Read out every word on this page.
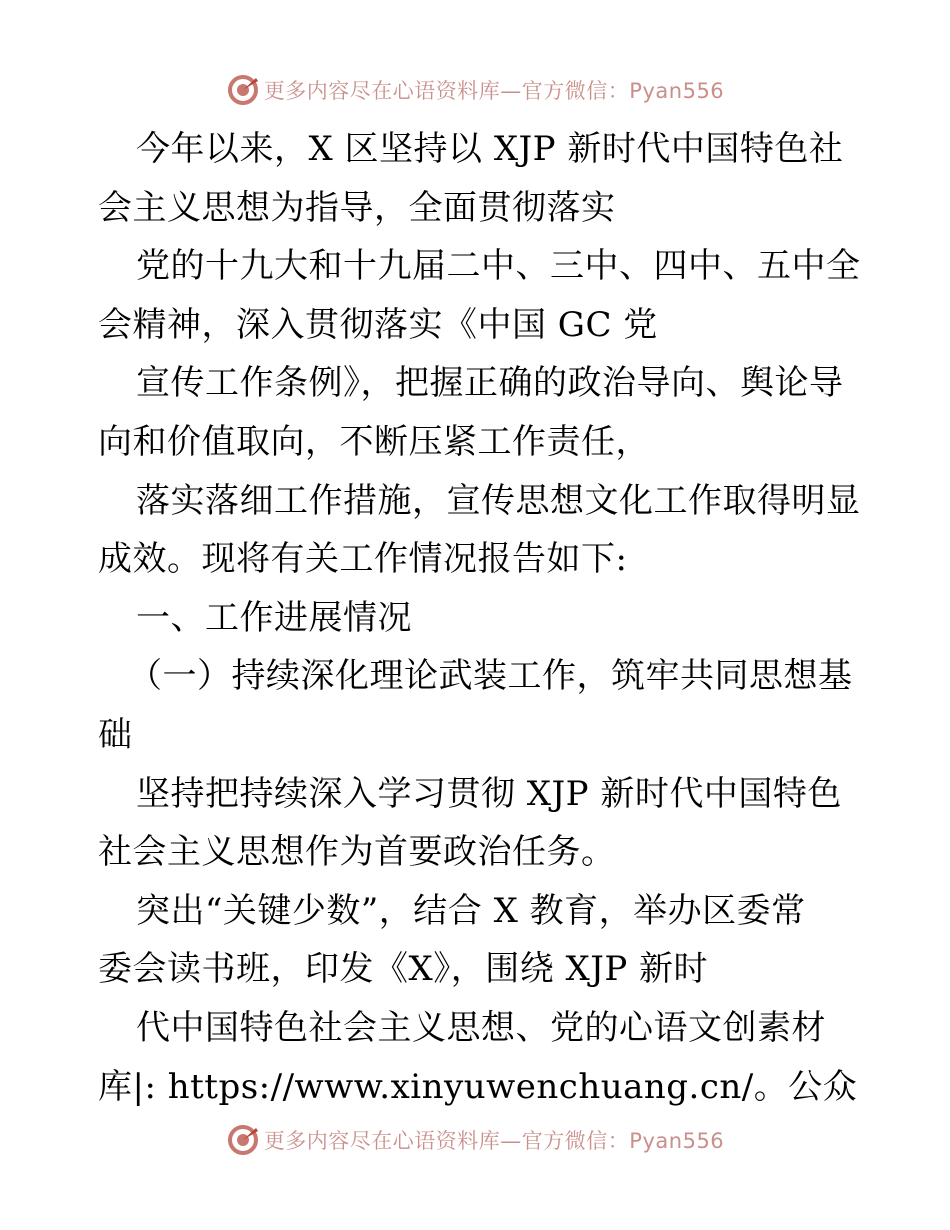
更多内容尽在心语资料库—官方微信：Pyan556
今年以来，X 区坚持以 XJP 新时代中国特色社
会主义思想为指导，全面贯彻落实
党的十九大和十九届二中、三中、四中、五中全
会精神，深入贯彻落实《中国 GC 党
宣传工作条例》，把握正确的政治导向、舆论导
向和价值取向，不断压紧工作责任，
落实落细工作措施，宣传思想文化工作取得明显
成效。现将有关工作情况报告如下:
一、工作进展情况
（一）持续深化理论武装工作，筑牢共同思想基
础
坚持把持续深入学习贯彻 XJP 新时代中国特色
社会主义思想作为首要政治任务。
突出“关键少数”，结合 X 教育，举办区委常
委会读书班，印发《X》，围绕 XJP 新时
代中国特色社会主义思想、党的心语文创素材
库|: https://www.xinyuwenchuang.cn/。公众
更多内容尽在心语资料库—官方微信：Pyan556
